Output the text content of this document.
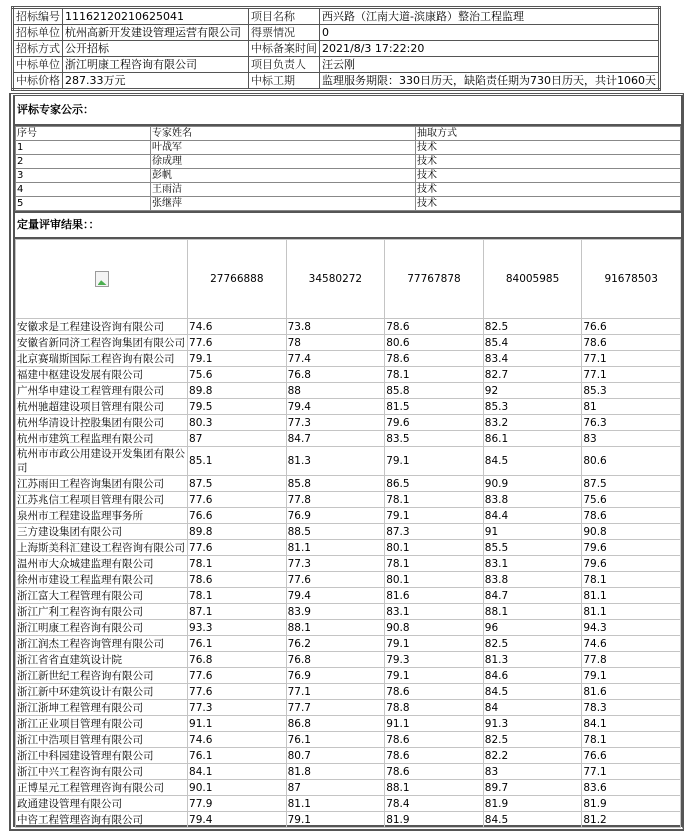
招标编号	11162120210625041	项目名称	西兴路（江南大道-滨康路）整治工程监理
招标单位	杭州高新开发建设管理运营有限公司	得票情况	0
招标方式	公开招标	中标备案时间	2021/8/3 17:22:20
中标单位	浙江明康工程咨询有限公司	项目负责人	汪云刚
中标价格	287.33万元	中标工期	监理服务期限：330日历天，缺陷责任期为730日历天，共计1060天
评标专家公示：
序号	专家姓名	抽取方式
1	叶战军	技术
2	徐成理	技术
3	彭帆	技术
4	王雨洁	技术
5	张继萍	技术
定量评审结果：：
	27766888	34580272	77767878	84005985	91678503
安徽求是工程建设咨询有限公司	74.6	73.8	78.6	82.5	76.6
安徽省新同济工程咨询集团有限公司	77.6	78	80.6	85.4	78.6
北京赛瑞斯国际工程咨询有限公司	79.1	77.4	78.6	83.4	77.1
福建中枢建设发展有限公司	75.6	76.8	78.1	82.7	77.1
广州华申建设工程管理有限公司	89.8	88	85.8	92	85.3
杭州驰超建设项目管理有限公司	79.5	79.4	81.5	85.3	81
杭州华清设计控股集团有限公司	80.3	77.3	79.6	83.2	76.3
杭州市建筑工程监理有限公司	87	84.7	83.5	86.1	83
杭州市市政公用建设开发集团有限公司	85.1	81.3	79.1	84.5	80.6
江苏雨田工程咨询集团有限公司	87.5	85.8	86.5	90.9	87.5
江苏兆信工程项目管理有限公司	77.6	77.8	78.1	83.8	75.6
泉州市工程建设监理事务所	76.6	76.9	79.1	84.4	78.6
三方建设集团有限公司	89.8	88.5	87.3	91	90.8
上海斯美科汇建设工程咨询有限公司	77.6	81.1	80.1	85.5	79.6
温州市大众城建监理有限公司	78.1	77.3	78.1	83.1	79.6
徐州市建设工程监理有限公司	78.6	77.6	80.1	83.8	78.1
浙江富大工程管理有限公司	78.1	79.4	81.6	84.7	81.1
浙江广利工程咨询有限公司	87.1	83.9	83.1	88.1	81.1
浙江明康工程咨询有限公司	93.3	88.1	90.8	96	94.3
浙江润杰工程咨询管理有限公司	76.1	76.2	79.1	82.5	74.6
浙江省省直建筑设计院	76.8	76.8	79.3	81.3	77.8
浙江新世纪工程咨询有限公司	77.6	76.9	79.1	84.6	79.1
浙江新中环建筑设计有限公司	77.6	77.1	78.6	84.5	81.6
浙江浙坤工程管理有限公司	77.3	77.7	78.8	84	78.3
浙江正业项目管理有限公司	91.1	86.8	91.1	91.3	84.1
浙江中浩项目管理有限公司	74.6	76.1	78.6	82.5	78.1
浙江中科园建设管理有限公司	76.1	80.7	78.6	82.2	76.6
浙江中兴工程咨询有限公司	84.1	81.8	78.6	83	77.1
正博星元工程管理咨询有限公司	90.1	87	88.1	89.7	83.6
政通建设管理有限公司	77.9	81.1	78.4	81.9	81.9
中咨工程管理咨询有限公司	79.4	79.1	81.9	84.5	81.2
